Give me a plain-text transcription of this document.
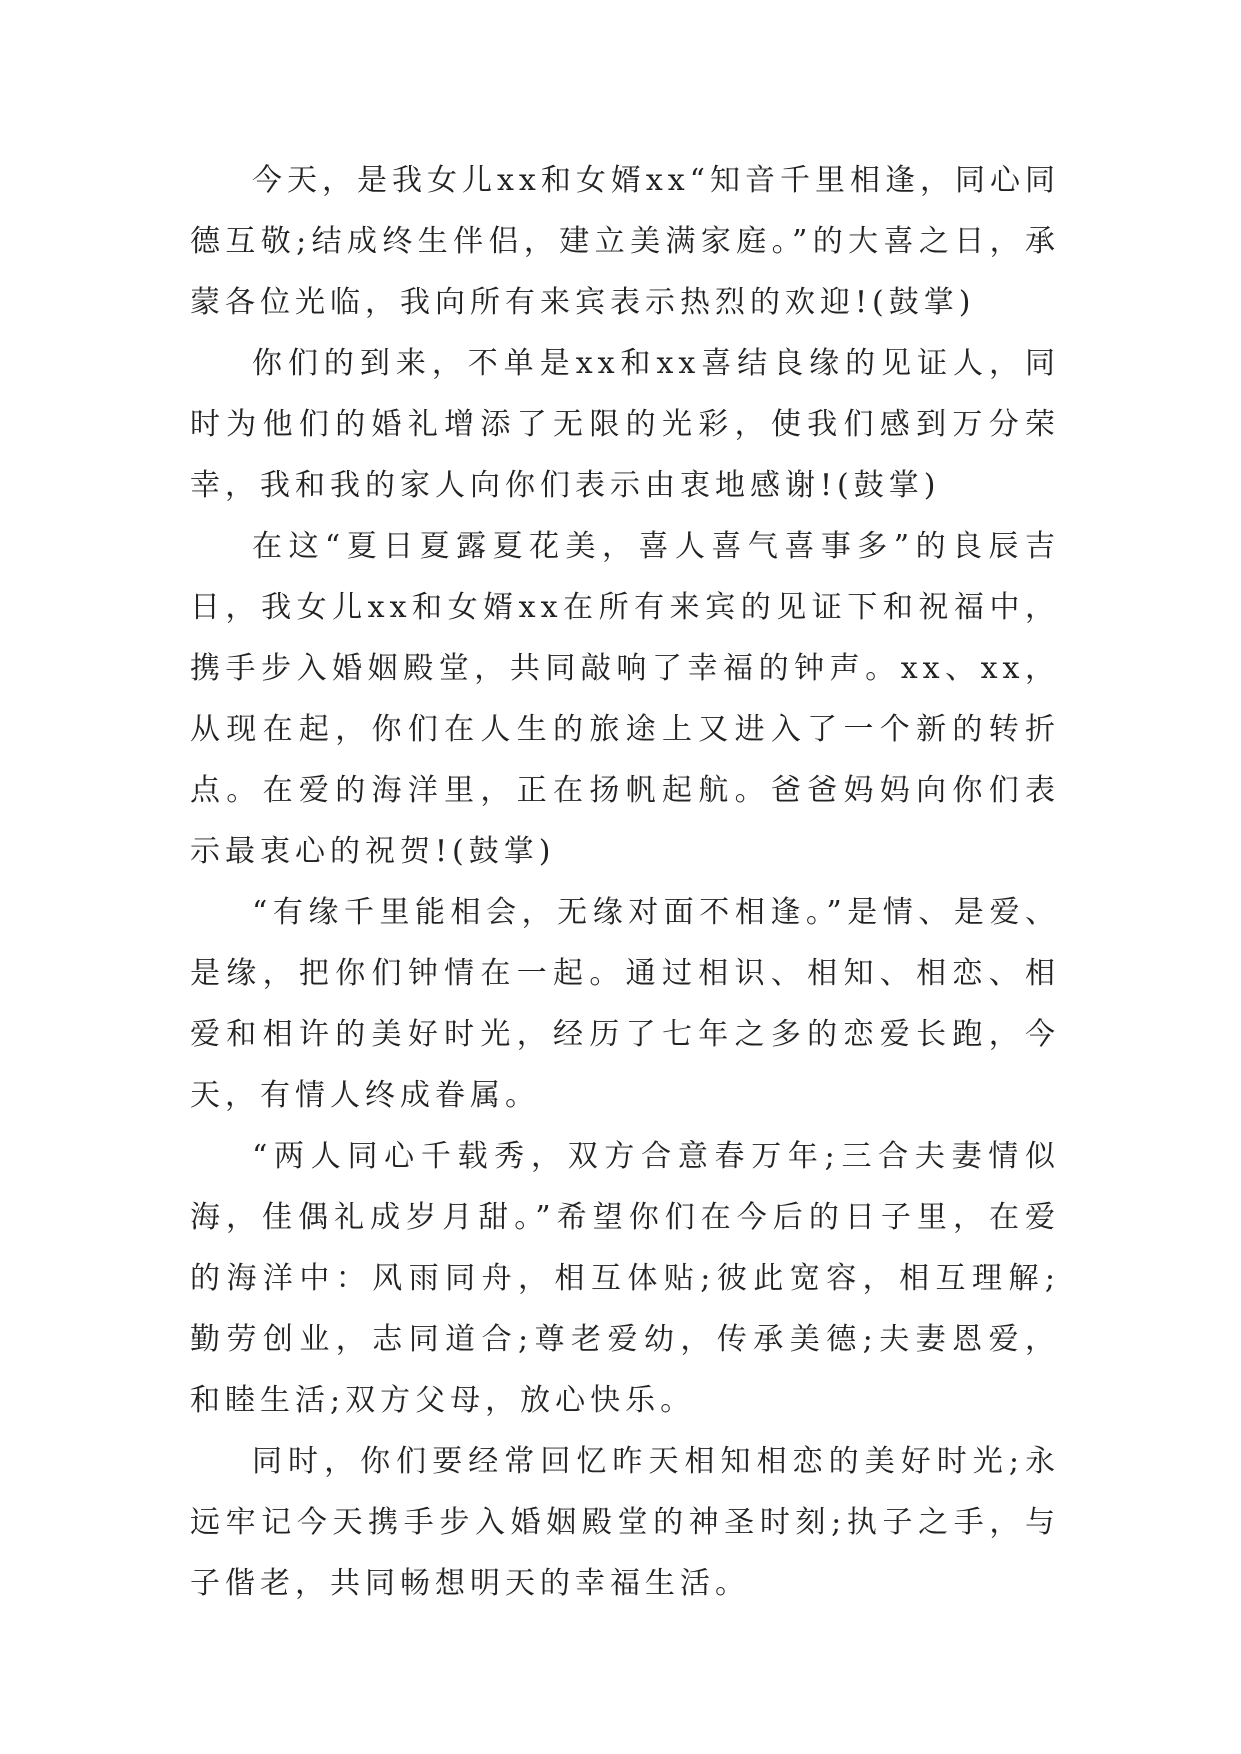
今天，是我女儿xx和女婿xx“知音千里相逢，同心同德互敬;结成终生伴侣，建立美满家庭。”的大喜之日，承蒙各位光临，我向所有来宾表示热烈的欢迎!(鼓掌)

你们的到来，不单是xx和xx喜结良缘的见证人，同时为他们的婚礼增添了无限的光彩，使我们感到万分荣幸，我和我的家人向你们表示由衷地感谢!(鼓掌)

在这“夏日夏露夏花美，喜人喜气喜事多”的良辰吉日，我女儿xx和女婿xx在所有来宾的见证下和祝福中，携手步入婚姻殿堂，共同敲响了幸福的钟声。xx、xx，从现在起，你们在人生的旅途上又进入了一个新的转折点。在爱的海洋里，正在扬帆起航。爸爸妈妈向你们表示最衷心的祝贺!(鼓掌)

“有缘千里能相会，无缘对面不相逢。”是情、是爱、是缘，把你们钟情在一起。通过相识、相知、相恋、相爱和相许的美好时光，经历了七年之多的恋爱长跑，今天，有情人终成眷属。

“两人同心千载秀，双方合意春万年;三合夫妻情似海，佳偶礼成岁月甜。”希望你们在今后的日子里，在爱的海洋中：风雨同舟，相互体贴;彼此宽容，相互理解;勤劳创业，志同道合;尊老爱幼，传承美德;夫妻恩爱，和睦生活;双方父母，放心快乐。

同时，你们要经常回忆昨天相知相恋的美好时光;永远牢记今天携手步入婚姻殿堂的神圣时刻;执子之手，与子偕老，共同畅想明天的幸福生活。
